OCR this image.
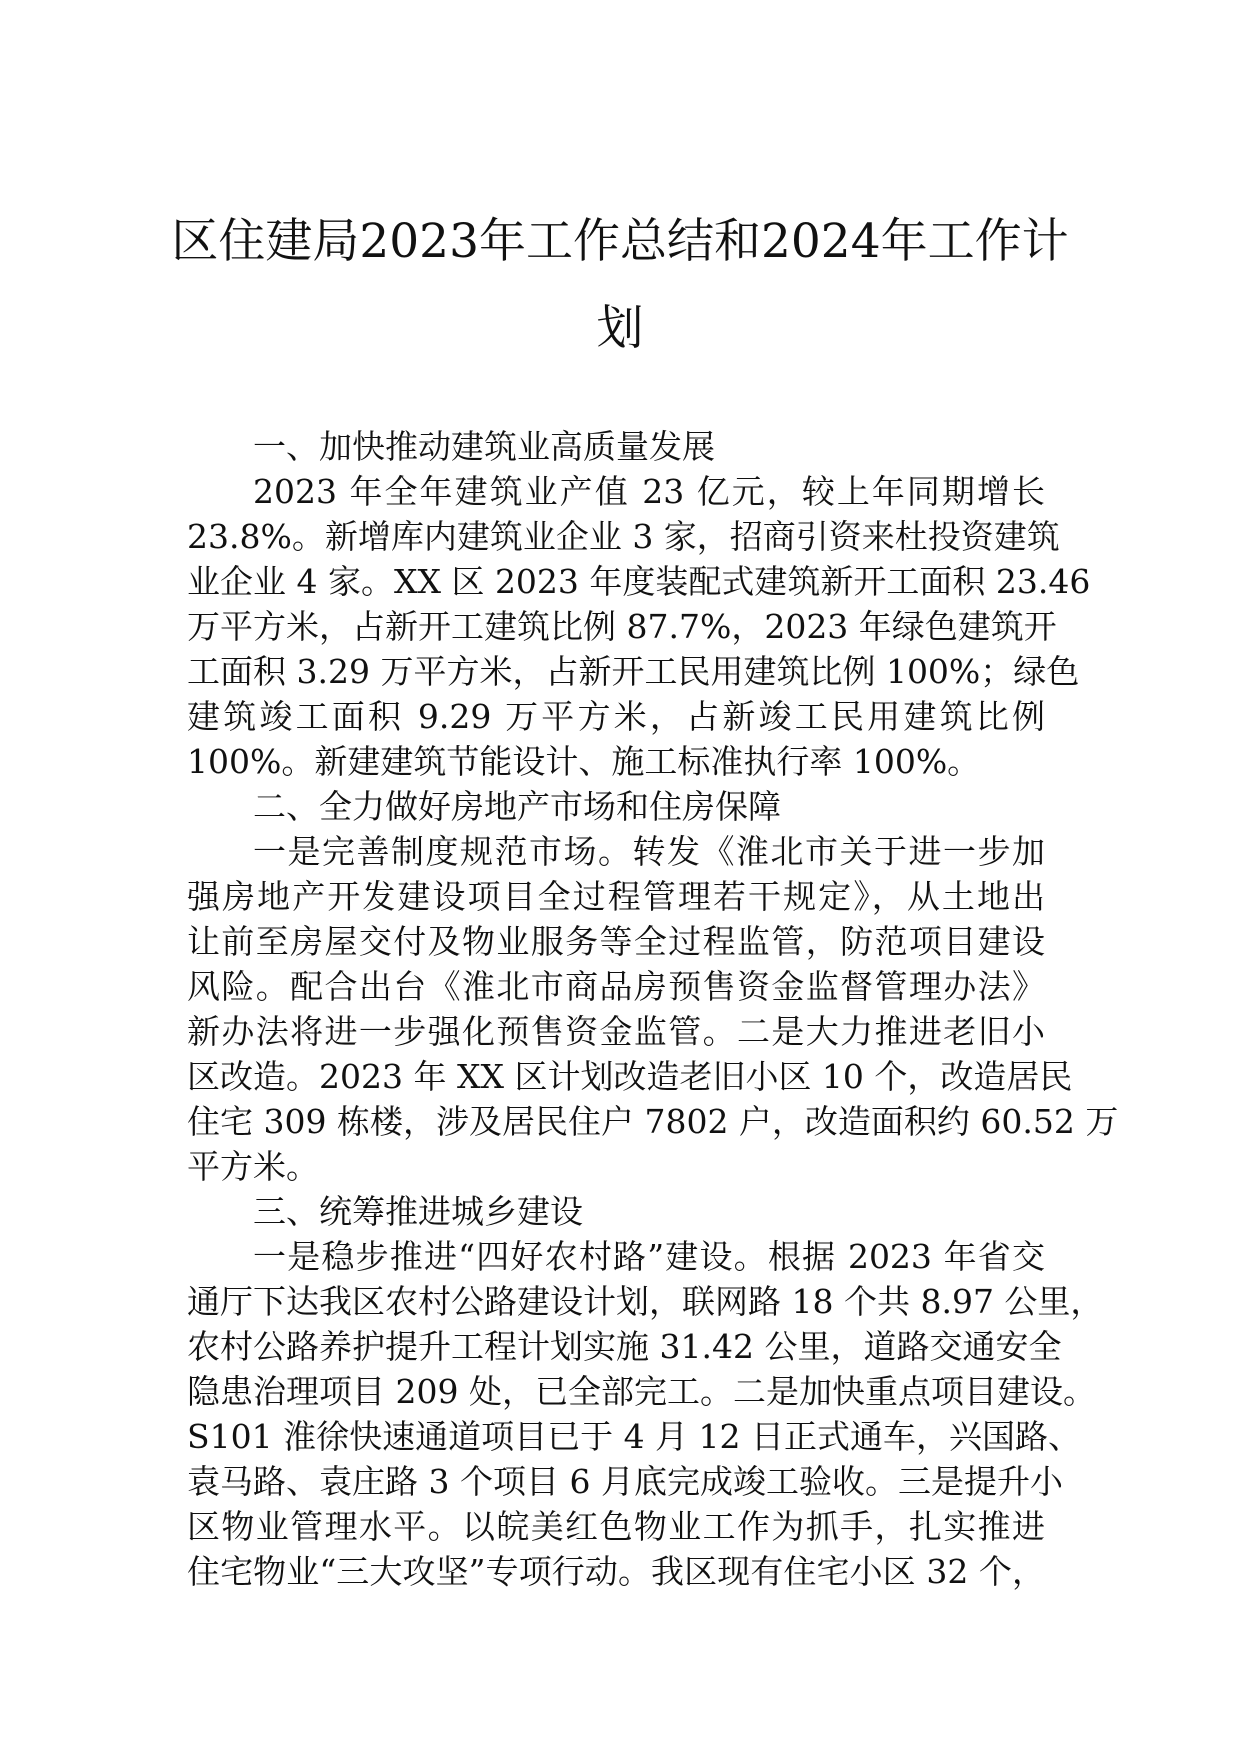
区住建局2023年工作总结和2024年工作计
划
一、加快推动建筑业高质量发展
2023 年全年建筑业产值 23 亿元，较上年同期增长
23.8%。新增库内建筑业企业 3 家，招商引资来杜投资建筑
业企业 4 家。XX 区 2023 年度装配式建筑新开工面积 23.46
万平方米，占新开工建筑比例 87.7%，2023 年绿色建筑开
工面积 3.29 万平方米，占新开工民用建筑比例 100%；绿色
建筑竣工面积 9.29 万平方米，占新竣工民用建筑比例
100%。新建建筑节能设计、施工标准执行率 100%。
二、全力做好房地产市场和住房保障
一是完善制度规范市场。转发《淮北市关于进一步加
强房地产开发建设项目全过程管理若干规定》，从土地出
让前至房屋交付及物业服务等全过程监管，防范项目建设
风险。配合出台《淮北市商品房预售资金监督管理办法》
新办法将进一步强化预售资金监管。二是大力推进老旧小
区改造。2023 年 XX 区计划改造老旧小区 10 个，改造居民
住宅 309 栋楼，涉及居民住户 7802 户，改造面积约 60.52 万
平方米。
三、统筹推进城乡建设
一是稳步推进“四好农村路”建设。根据 2023 年省交
通厅下达我区农村公路建设计划，联网路 18 个共 8.97 公里，
农村公路养护提升工程计划实施 31.42 公里，道路交通安全
隐患治理项目 209 处，已全部完工。二是加快重点项目建设。
S101 淮徐快速通道项目已于 4 月 12 日正式通车，兴国路、
袁马路、袁庄路 3 个项目 6 月底完成竣工验收。三是提升小
区物业管理水平。以皖美红色物业工作为抓手，扎实推进
住宅物业“三大攻坚”专项行动。我区现有住宅小区 32 个，
